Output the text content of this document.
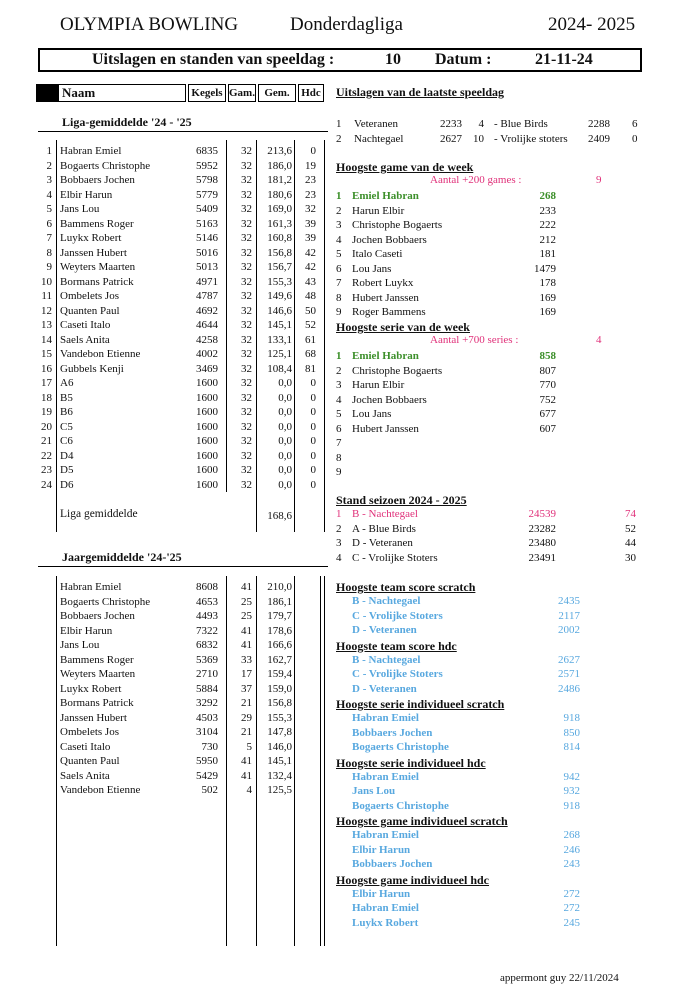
OLYMPIA BOWLING	Donderdagliga	2024- 2025
Uitslagen en standen van speeldag :	10 Datum :	21-11-24
Naam	Kegels Gam. Gem.	Hdc
Liga-gemiddelde '24 - '25
1 Habran Emiel	6835	32	213,6	0
2 Bogaerts Christophe	5952	32	186,0	19
3 Bobbaers Jochen	5798	32	181,2	23
4 Elbir Harun	5779	32	180,6	23
5 Jans Lou	5409	32	169,0	32
6 Bammens Roger	5163	32	161,3	39
7 Luykx Robert	5146	32	160,8	39
8 Janssen Hubert	5016	32	156,8	42
9 Weyters Maarten	5013	32	156,7	42
10 Bormans Patrick	4971	32	155,3	43
11 Ombelets Jos	4787	32	149,6	48
12 Quanten Paul	4692	32	146,6	50
13 Caseti Italo	4644	32	145,1	52
14 Saels Anita	4258	32	133,1	61
15 Vandebon Etienne	4002	32	125,1	68
16 Gubbels Kenji	3469	32	108,4	81
17 A6	1600	32	0,0	0
18 B5	1600	32	0,0	0
19 B6	1600	32	0,0	0
20 C5	1600	32	0,0	0
21 C6	1600	32	0,0	0
22 D4	1600	32	0,0	0
23 D5	1600	32	0,0	0
24 D6	1600	32	0,0	0
Liga gemiddelde	168,6
Jaargemiddelde '24-'25
Habran Emiel	8608	41	210,0
Bogaerts Christophe	4653	25	186,1
Bobbaers Jochen	4493	25	179,7
Elbir Harun	7322	41	178,6
Jans Lou	6832	41	166,6
Bammens Roger	5369	33	162,7
Weyters Maarten	2710	17	159,4
Luykx Robert	5884	37	159,0
Bormans Patrick	3292	21	156,8
Janssen Hubert	4503	29	155,3
Ombelets Jos	3104	21	147,8
Caseti Italo	730	5	146,0
Quanten Paul	5950	41	145,1
Saels Anita	5429	41	132,4
Vandebon Etienne	502	4	125,5
Uitslagen van de laatste speeldag
1 Veteranen	2233	4 - Blue Birds	2288 6
2 Nachtegael	2627 10 - Vrolijke stoters 2409 0
Hoogste game van de week
Aantal +200 games :	9
1 Emiel Habran	268
2 Harun Elbir	233
3 Christophe Bogaerts	222
4 Jochen Bobbaers	212
5 Italo Caseti	181
6 Lou Jans	1479
7 Robert Luykx	178
8 Hubert Janssen	169
9 Roger Bammens	169
Hoogste serie van de week
Aantal +700 series :	4
1 Emiel Habran	858
2 Christophe Bogaerts	807
3 Harun Elbir	770
4 Jochen Bobbaers	752
5 Lou Jans	677
6 Hubert Janssen	607
7
8
9
Stand seizoen 2024 - 2025
1 B - Nachtegael	24539	74
2 A - Blue Birds	23282	52
3 D - Veteranen	23480	44
4 C - Vrolijke Stoters	23491	30
Hoogste team score scratch
B - Nachtegael	2435
C - Vrolijke Stoters	2117
D - Veteranen	2002
Hoogste team score hdc
B - Nachtegael	2627
C - Vrolijke Stoters	2571
D - Veteranen	2486
Hoogste serie individueel scratch
Habran Emiel	918
Bobbaers Jochen	850
Bogaerts Christophe	814
Hoogste serie individueel hdc
Habran Emiel	942
Jans Lou	932
Bogaerts Christophe	918
Hoogste game individueel scratch
Habran Emiel	268
Elbir Harun	246
Bobbaers Jochen	243
Hoogste game individueel hdc
Elbir Harun	272
Habran Emiel	272
Luykx Robert	245
appermont guy 22/11/2024
